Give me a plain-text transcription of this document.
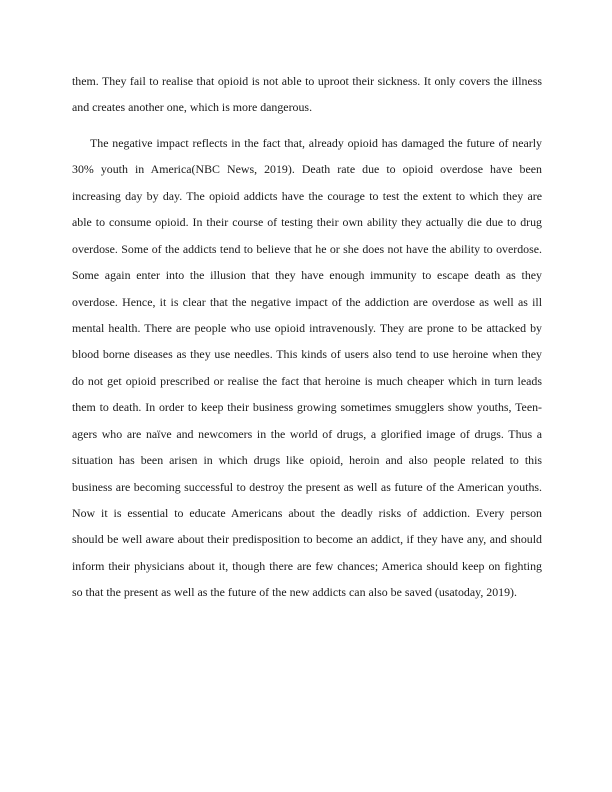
them. They fail to realise that opioid is not able to uproot their sickness. It only covers the illness
and creates another one, which is more dangerous.
The negative impact reflects in the fact that, already opioid has damaged the future of nearly
30% youth in America(NBC News, 2019). Death rate due to opioid overdose have been
increasing day by day. The opioid addicts have the courage to test the extent to which they are
able to consume opioid. In their course of testing their own ability they actually die due to drug
overdose. Some of the addicts tend to believe that he or she does not have the ability to overdose.
Some again enter into the illusion that they have enough immunity to escape death as they
overdose. Hence, it is clear that the negative impact of the addiction are overdose as well as ill
mental health. There are people who use opioid intravenously. They are prone to be attacked by
blood borne diseases as they use needles. This kinds of users also tend to use heroine when they
do not get opioid prescribed or realise the fact that heroine is much cheaper which in turn leads
them to death. In order to keep their business growing sometimes smugglers show youths, Teen-
agers who are naïve and newcomers in the world of drugs, a glorified image of drugs. Thus a
situation has been arisen in which drugs like opioid, heroin and also people related to this
business are becoming successful to destroy the present as well as future of the American youths.
Now it is essential to educate Americans about the deadly risks of addiction. Every person
should be well aware about their predisposition to become an addict, if they have any, and should
inform their physicians about it, though there are few chances; America should keep on fighting
so that the present as well as the future of the new addicts can also be saved (usatoday, 2019).
